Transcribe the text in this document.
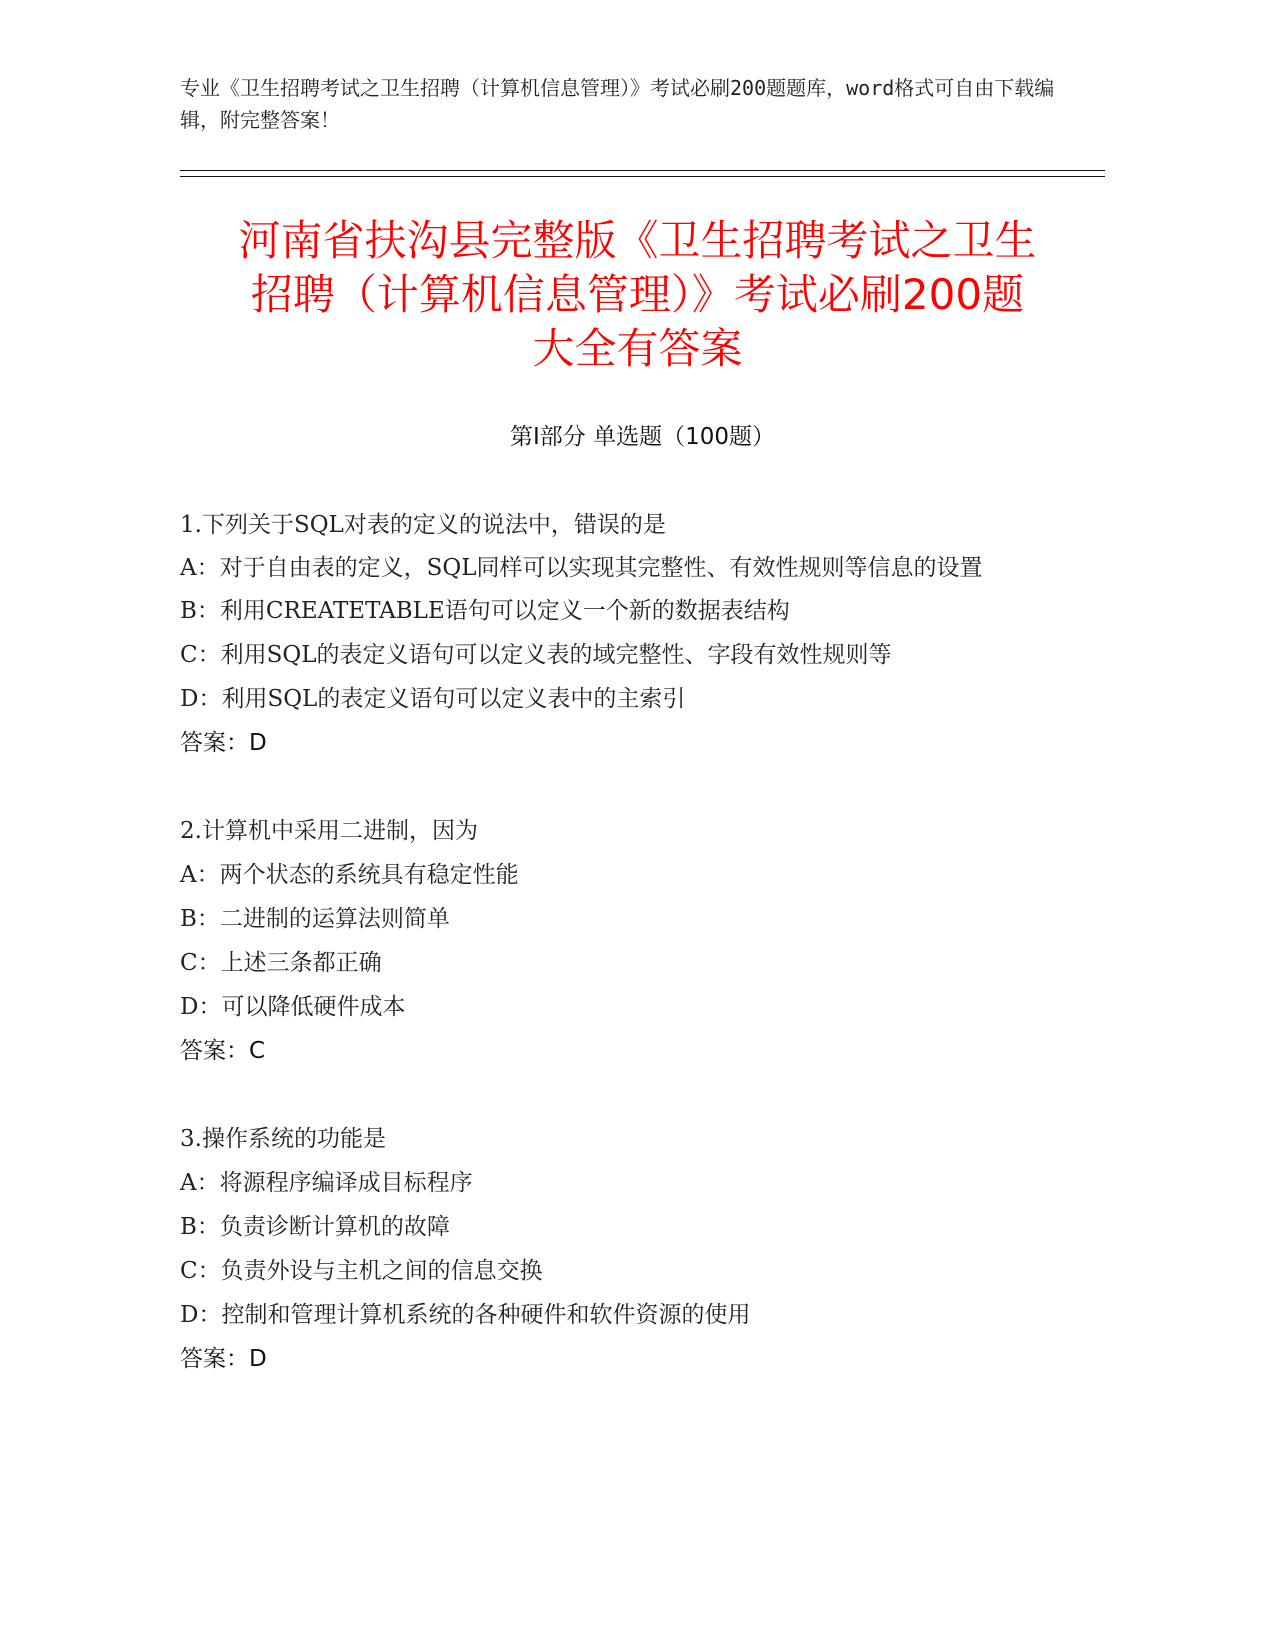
专业《卫生招聘考试之卫生招聘（计算机信息管理）》考试必刷200题题库，word格式可自由下载编辑，附完整答案！
河南省扶沟县完整版《卫生招聘考试之卫生
招聘（计算机信息管理）》考试必刷200题
大全有答案
第Ⅰ部分 单选题（100题）
1.下列关于SQL对表的定义的说法中，错误的是
A：对于自由表的定义，SQL同样可以实现其完整性、有效性规则等信息的设置
B：利用CREATETABLE语句可以定义一个新的数据表结构
C：利用SQL的表定义语句可以定义表的域完整性、字段有效性规则等
D：利用SQL的表定义语句可以定义表中的主索引
答案：D
2.计算机中采用二进制，因为
A：两个状态的系统具有稳定性能
B：二进制的运算法则简单
C：上述三条都正确
D：可以降低硬件成本
答案：C
3.操作系统的功能是
A：将源程序编译成目标程序
B：负责诊断计算机的故障
C：负责外设与主机之间的信息交换
D：控制和管理计算机系统的各种硬件和软件资源的使用
答案：D
